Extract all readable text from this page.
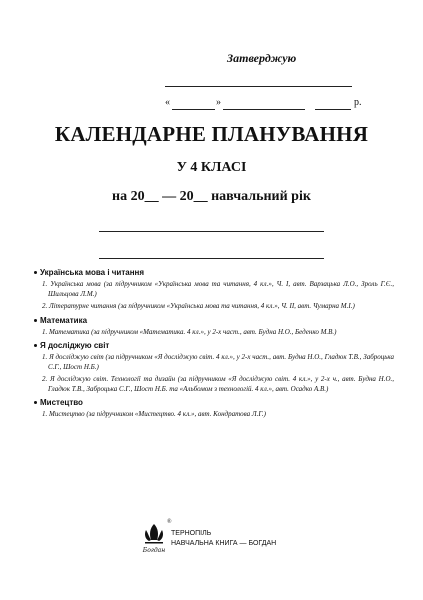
Затверджую
«	»	р.
КАЛЕНДАРНЕ ПЛАНУВАННЯ
У 4 КЛАСІ
на 20__ — 20__ навчальний рік
Українська мова і читання
1. Українська мова (за підручником «Українська мова та читання, 4 кл.», Ч. І, авт. Варзацька Л.О., Зроль Г.Є., Шильцова Л.М.)
2. Літературне читання (за підручником «Українська мова та читання, 4 кл.», Ч. ІІ, авт. Чумарна М.І.)
Математика
1. Математика (за підручником «Математика. 4 кл.», у 2-х част., авт. Будна Н.О., Беденко М.В.)
Я досліджую світ
1. Я досліджую світ (за підручником «Я досліджую світ. 4 кл.», у 2-х част., авт. Будна Н.О., Гладюк Т.В., Заброцька С.Г., Шост Н.Б.)
2. Я досліджую світ. Технології та дизайн (за підручником «Я досліджую світ. 4 кл.», у 2-х ч., авт. Будна Н.О., Гладюк Т.В., Заброцька С.Г., Шост Н.Б. та «Альбомом з технологій. 4 кл.», авт. Осадко А.В.)
Мистецтво
1. Мистецтво (за підручником «Мистецтво. 4 кл.», авт. Кондратова Л.Г.)
Богдан
®
ТЕРНОПІЛЬ
НАВЧАЛЬНА КНИГА — БОГДАН
